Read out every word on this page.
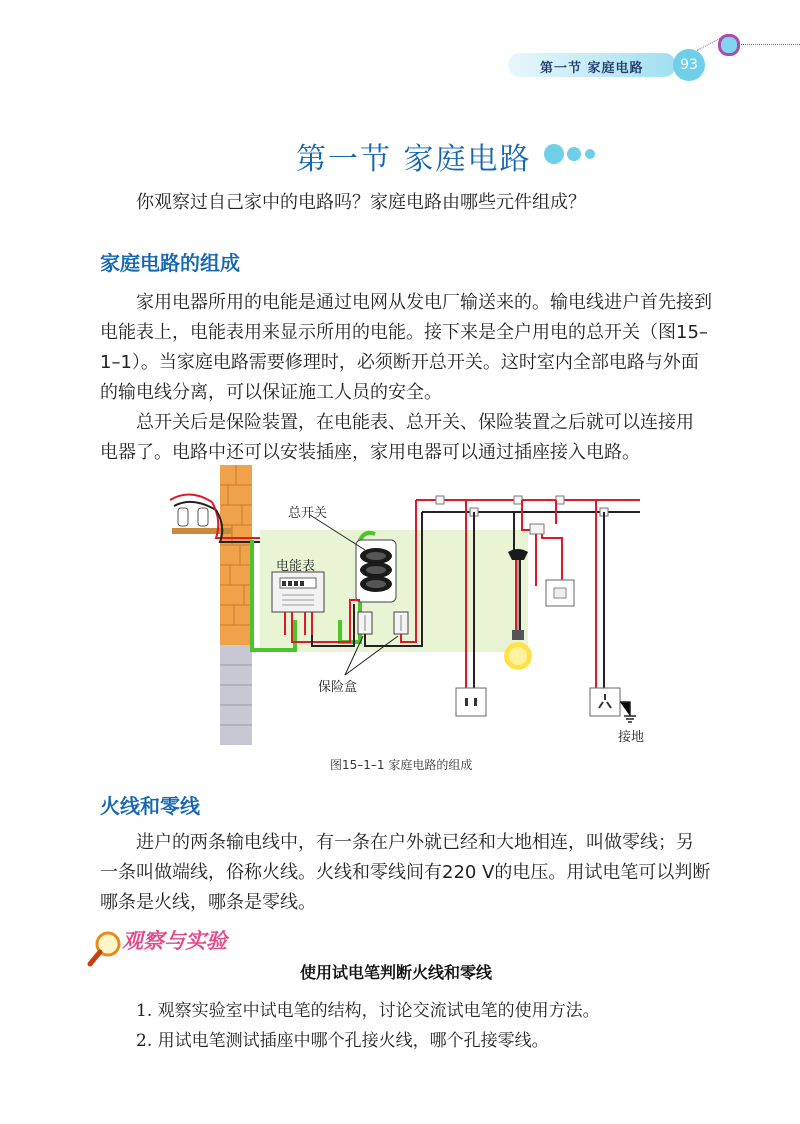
第一节 家庭电路	93
第一节 家庭电路
你观察过自己家中的电路吗？家庭电路由哪些元件组成？
家庭电路的组成
家用电器所用的电能是通过电网从发电厂输送来的。输电线进户首先接到
电能表上，电能表用来显示所用的电能。接下来是全户用电的总开关（图15–
1–1）。当家庭电路需要修理时，必须断开总开关。这时室内全部电路与外面
的输电线分离，可以保证施工人员的安全。
总开关后是保险装置，在电能表、总开关、保险装置之后就可以连接用
电器了。电路中还可以安装插座，家用电器可以通过插座接入电路。
总开关
电能表
保险盒
接地
图15–1–1 家庭电路的组成
火线和零线
进户的两条输电线中，有一条在户外就已经和大地相连，叫做零线；另
一条叫做端线，俗称火线。火线和零线间有220 V的电压。用试电笔可以判断
哪条是火线，哪条是零线。
观察与实验
使用试电笔判断火线和零线
1. 观察实验室中试电笔的结构，讨论交流试电笔的使用方法。
2. 用试电笔测试插座中哪个孔接火线，哪个孔接零线。
